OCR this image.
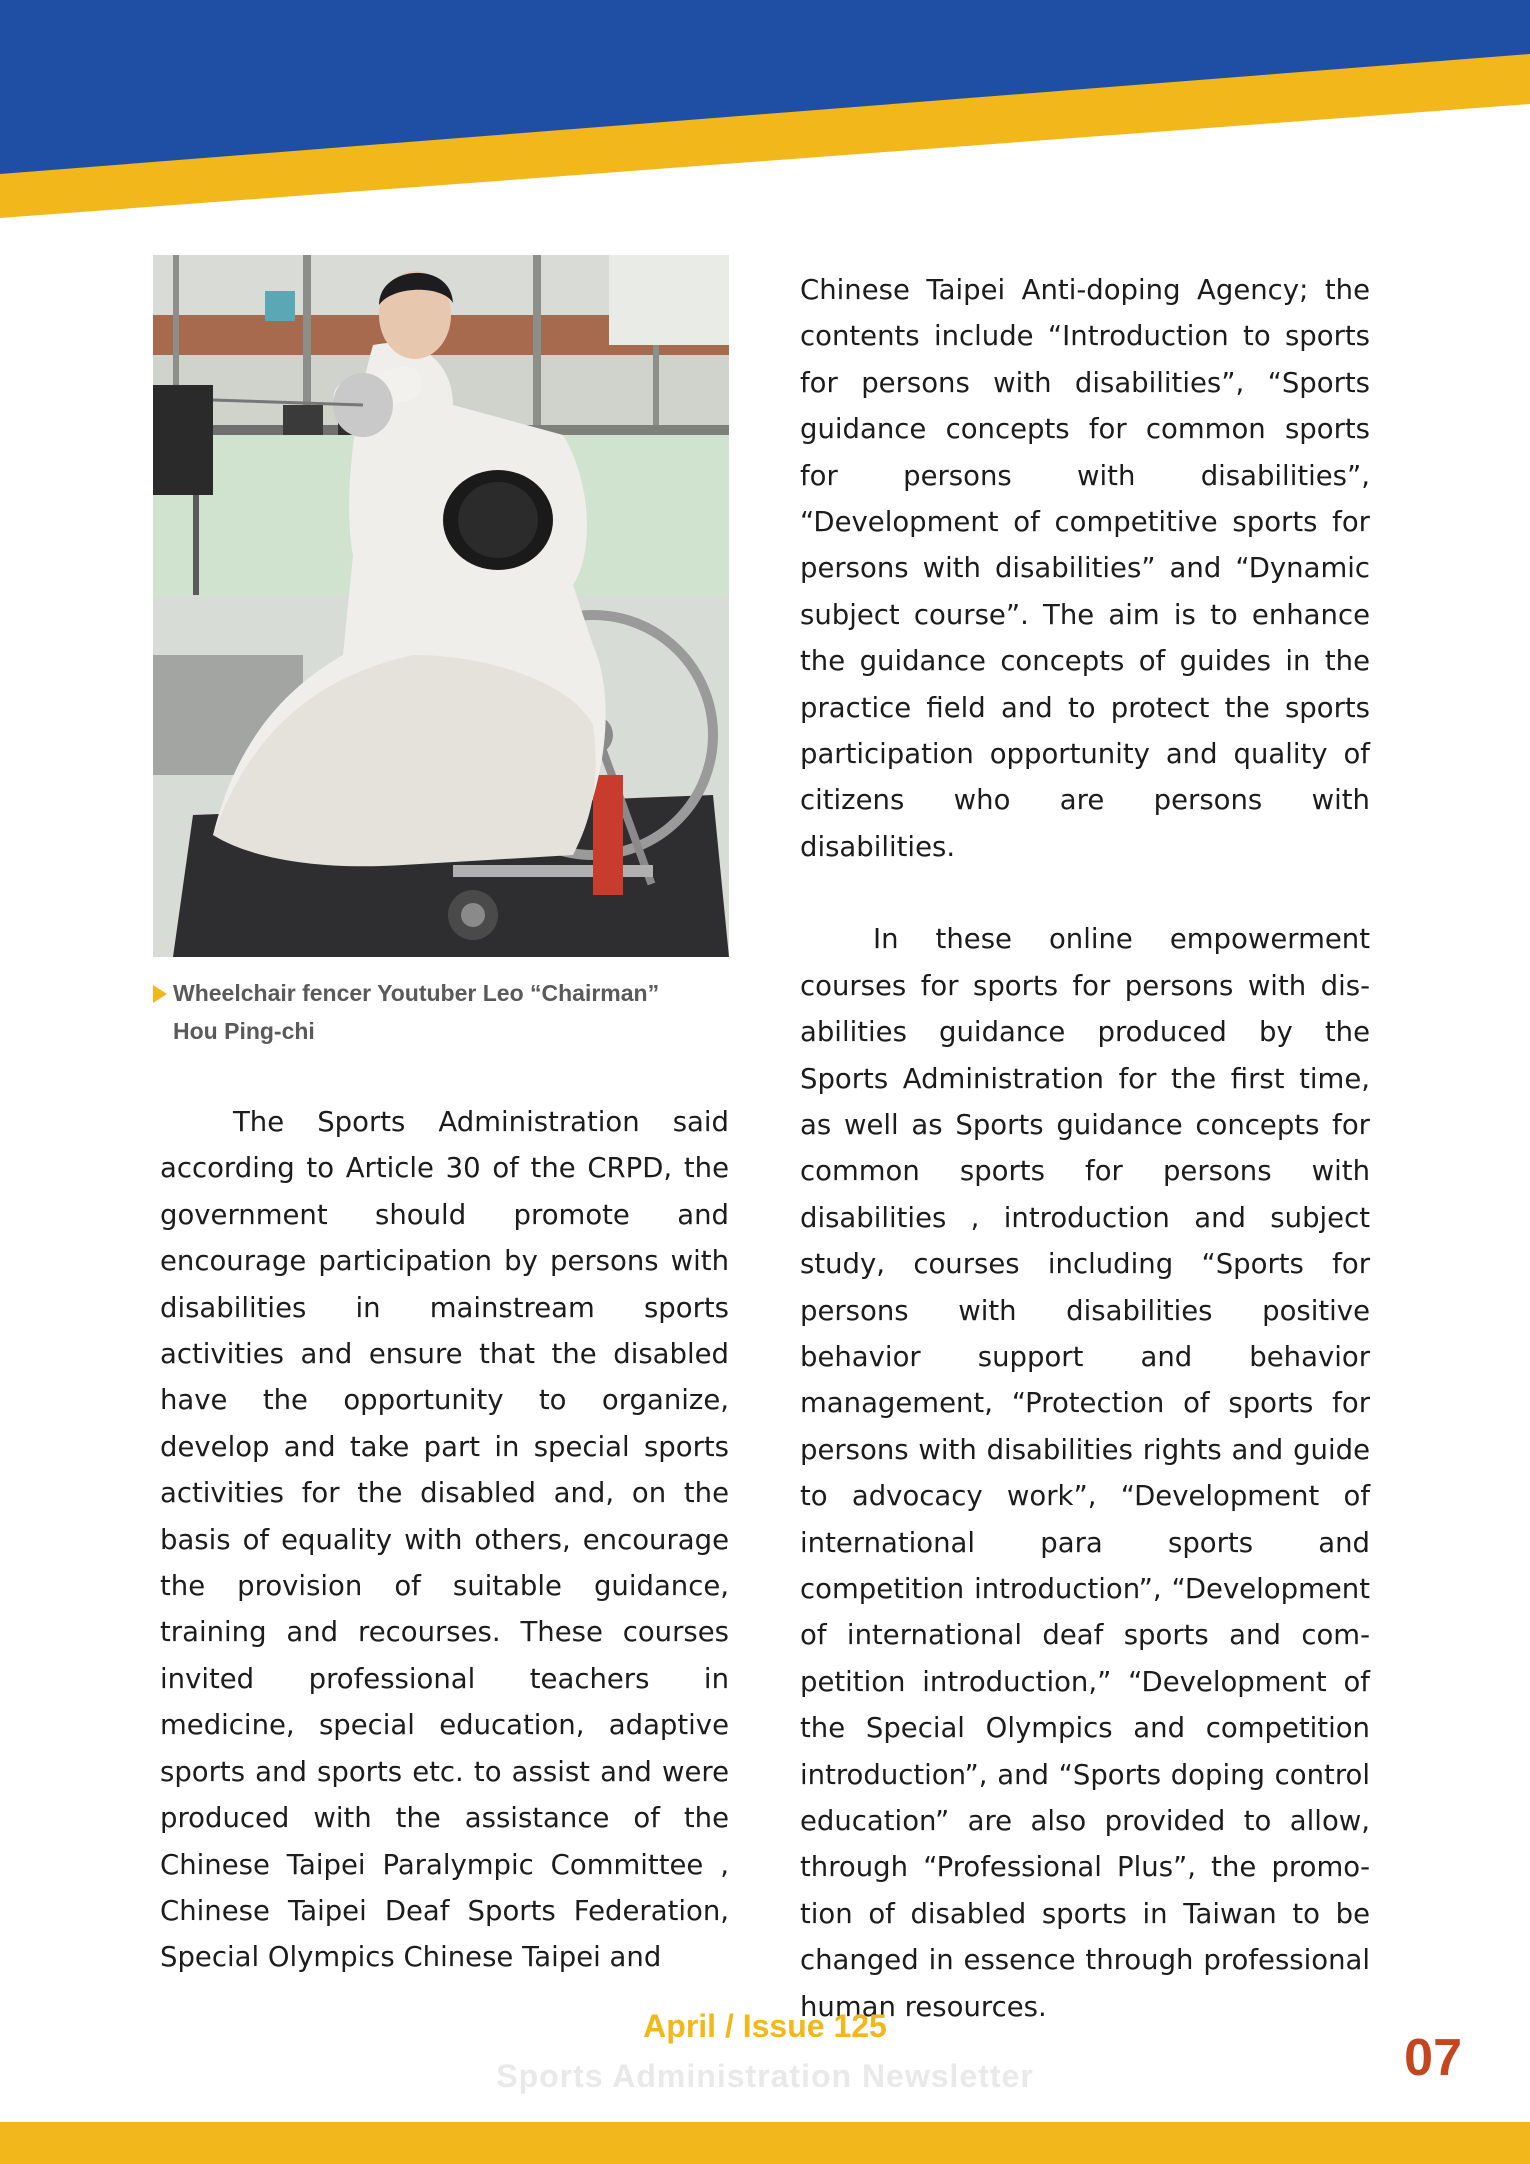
Wheelchair fencer Youtuber Leo “Chairman”
Hou Ping-chi

The Sports Administration said according to Article 30 of the CRPD, the government should promote and encourage participation by persons with disabilities in mainstream sports activities and ensure that the disabled have the opportunity to organize, develop and take part in special sports activities for the disabled and, on the basis of equality with others, encourage the provision of suitable guidance, training and recourses. These courses invited professional teachers in medicine, special education, adaptive sports and sports etc. to assist and were produced with the assistance of the Chinese Taipei Paralympic Committee , Chinese Taipei Deaf Sports Federation, Special Olympics Chinese Taipei and

Chinese Taipei Anti-doping Agency; the contents include “Introduction to sports for persons with disabilities”, “Sports guidance concepts for common sports for persons with disabilities”, “Development of competitive sports for persons with disabilities” and “Dynamic subject course”. The aim is to enhance the guidance concepts of guides in the practice field and to protect the sports participation opportunity and quality of citizens who are persons with disabilities.

In these online empowerment courses for sports for persons with disabilities guidance produced by the Sports Administration for the first time, as well as Sports guidance concepts for common sports for persons with disabilities , introduction and subject study, courses including “Sports for persons with disabilities positive behavior support and behavior management, “Protection of sports for persons with disabilities rights and guide to advocacy work”, “Development of international para sports and competition introduction”, “Development of international deaf sports and competition introduction,” “Development of the Special Olympics and competition introduction”, and “Sports doping control education” are also provided to allow, through “Professional Plus”, the promotion of disabled sports in Taiwan to be changed in essence through professional human resources.

April / Issue 125
Sports Administration Newsletter	07
